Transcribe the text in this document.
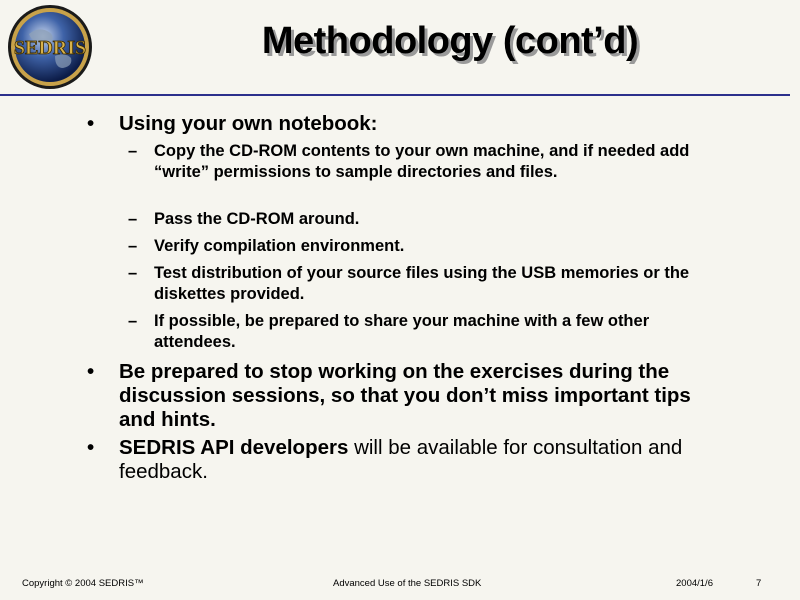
SEDRIS	Methodology (cont’d)
• Using your own notebook:
– Copy the CD-ROM contents to your own machine, and if needed add “write” permissions to sample directories and files.
– Pass the CD-ROM around.
– Verify compilation environment.
– Test distribution of your source files using the USB memories or the diskettes provided.
– If possible, be prepared to share your machine with a few other attendees.
• Be prepared to stop working on the exercises during the discussion sessions, so that you don’t miss important tips and hints.
• SEDRIS API developers will be available for consultation and feedback.
Copyright © 2004 SEDRIS™	Advanced Use of the SEDRIS SDK	2004/1/6	7
